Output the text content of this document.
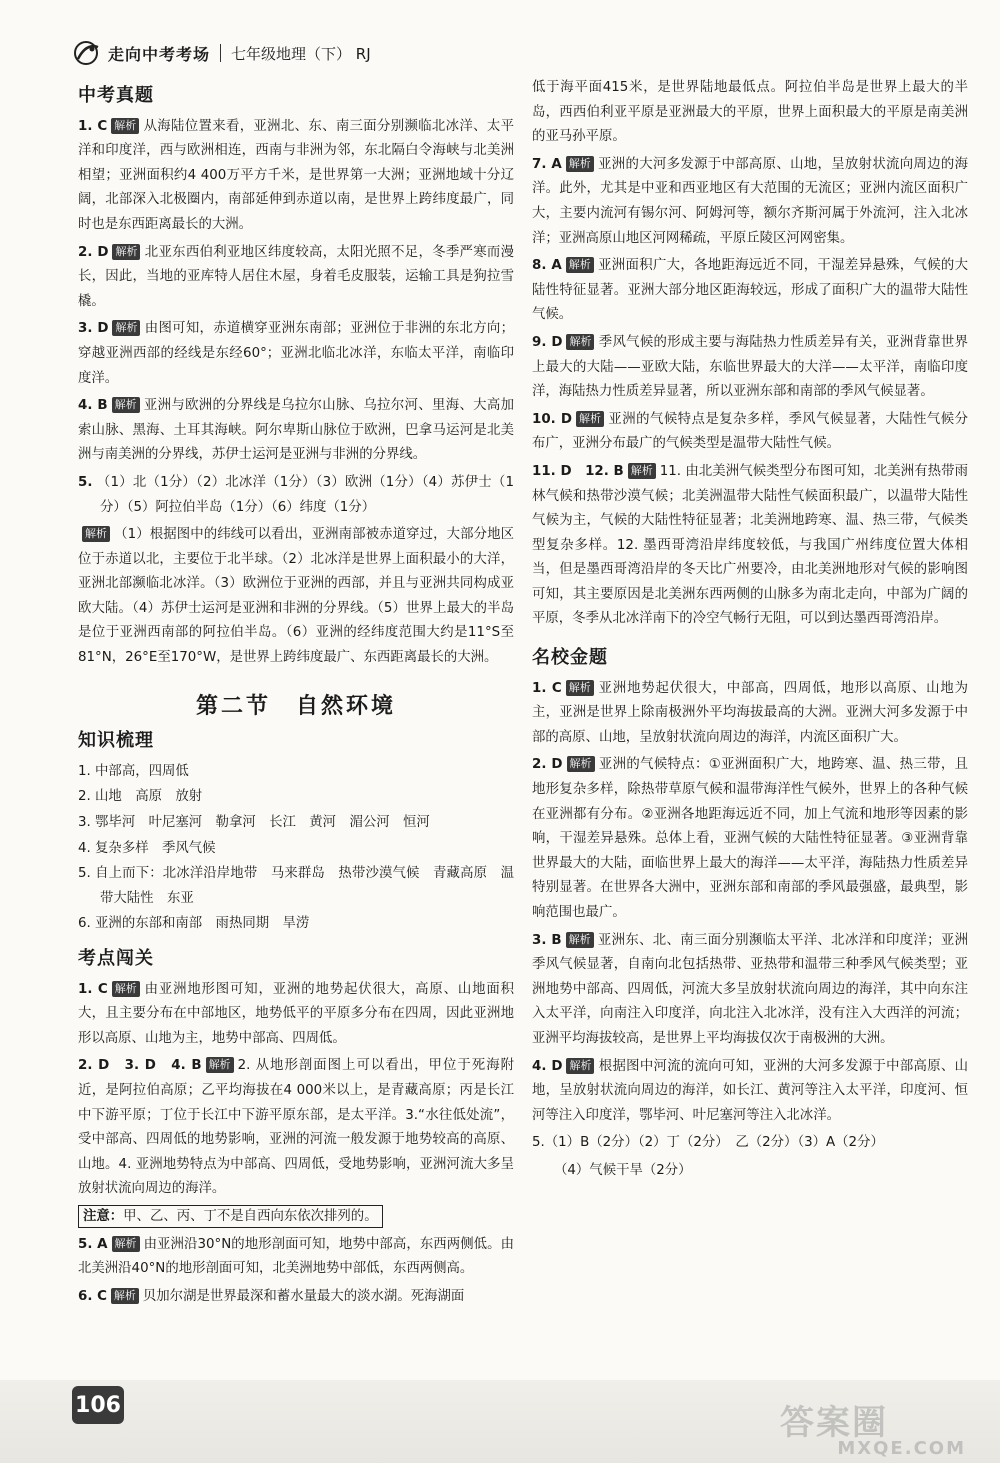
走向中考考场 七年级地理（下） RJ
中考真题
1. C 解析 从海陆位置来看，亚洲北、东、南三面分别濒临北冰洋、太平洋和印度洋，西与欧洲相连，西南与非洲为邻，东北隔白令海峡与北美洲相望；亚洲面积约4 400万平方千米，是世界第一大洲；亚洲地域十分辽阔，北部深入北极圈内，南部延伸到赤道以南，是世界上跨纬度最广，同时也是东西距离最长的大洲。
2. D 解析 北亚东西伯利亚地区纬度较高，太阳光照不足，冬季严寒而漫长，因此，当地的亚库特人居住木屋，身着毛皮服装，运输工具是狗拉雪橇。
3. D 解析 由图可知，赤道横穿亚洲东南部；亚洲位于非洲的东北方向；穿越亚洲西部的经线是东经60°；亚洲北临北冰洋，东临太平洋，南临印度洋。
4. B 解析 亚洲与欧洲的分界线是乌拉尔山脉、乌拉尔河、里海、大高加索山脉、黑海、土耳其海峡。阿尔卑斯山脉位于欧洲，巴拿马运河是北美洲与南美洲的分界线，苏伊士运河是亚洲与非洲的分界线。
5. （1）北（1分）（2）北冰洋（1分）（3）欧洲（1分）（4）苏伊士（1分）（5）阿拉伯半岛（1分）（6）纬度（1分）
解析 （1）根据图中的纬线可以看出，亚洲南部被赤道穿过，大部分地区位于赤道以北，主要位于北半球。（2）北冰洋是世界上面积最小的大洋，亚洲北部濒临北冰洋。（3）欧洲位于亚洲的西部，并且与亚洲共同构成亚欧大陆。（4）苏伊士运河是亚洲和非洲的分界线。（5）世界上最大的半岛是位于亚洲西南部的阿拉伯半岛。（6）亚洲的经纬度范围大约是11°S至81°N，26°E至170°W，是世界上跨纬度最广、东西距离最长的大洲。
第二节　自然环境
知识梳理
1. 中部高，四周低
2. 山地　高原　放射
3. 鄂毕河　叶尼塞河　勒拿河　长江　黄河　湄公河　恒河
4. 复杂多样　季风气候
5. 自上而下：北冰洋沿岸地带　马来群岛　热带沙漠气候　青藏高原　温带大陆性　东亚
6. 亚洲的东部和南部　雨热同期　旱涝
考点闯关
1. C 解析 由亚洲地形图可知，亚洲的地势起伏很大，高原、山地面积大，且主要分布在中部地区，地势低平的平原多分布在四周，因此亚洲地形以高原、山地为主，地势中部高、四周低。
2. D　3. D　4. B 解析 2. 从地形剖面图上可以看出，甲位于死海附近，是阿拉伯高原；乙平均海拔在4 000米以上，是青藏高原；丙是长江中下游平原；丁位于长江中下游平原东部，是太平洋。3.“水往低处流”，受中部高、四周低的地势影响，亚洲的河流一般发源于地势较高的高原、山地。4. 亚洲地势特点为中部高、四周低，受地势影响，亚洲河流大多呈放射状流向周边的海洋。
注意：甲、乙、丙、丁不是自西向东依次排列的。
5. A 解析 由亚洲沿30°N的地形剖面可知，地势中部高，东西两侧低。由北美洲沿40°N的地形剖面可知，北美洲地势中部低，东西两侧高。
6. C 解析 贝加尔湖是世界最深和蓄水量最大的淡水湖。死海湖面
低于海平面415米，是世界陆地最低点。阿拉伯半岛是世界上最大的半岛，西西伯利亚平原是亚洲最大的平原，世界上面积最大的平原是南美洲的亚马孙平原。
7. A 解析 亚洲的大河多发源于中部高原、山地，呈放射状流向周边的海洋。此外，尤其是中亚和西亚地区有大范围的无流区；亚洲内流区面积广大，主要内流河有锡尔河、阿姆河等，额尔齐斯河属于外流河，注入北冰洋；亚洲高原山地区河网稀疏，平原丘陵区河网密集。
8. A 解析 亚洲面积广大，各地距海远近不同，干湿差异悬殊，气候的大陆性特征显著。亚洲大部分地区距海较远，形成了面积广大的温带大陆性气候。
9. D 解析 季风气候的形成主要与海陆热力性质差异有关，亚洲背靠世界上最大的大陆——亚欧大陆，东临世界最大的大洋——太平洋，南临印度洋，海陆热力性质差异显著，所以亚洲东部和南部的季风气候显著。
10. D 解析 亚洲的气候特点是复杂多样，季风气候显著，大陆性气候分布广，亚洲分布最广的气候类型是温带大陆性气候。
11. D　12. B 解析 11. 由北美洲气候类型分布图可知，北美洲有热带雨林气候和热带沙漠气候；北美洲温带大陆性气候面积最广，以温带大陆性气候为主，气候的大陆性特征显著；北美洲地跨寒、温、热三带，气候类型复杂多样。12. 墨西哥湾沿岸纬度较低，与我国广州纬度位置大体相当，但是墨西哥湾沿岸的冬天比广州要冷，由北美洲地形对气候的影响图可知，其主要原因是北美洲东西两侧的山脉多为南北走向，中部为广阔的平原，冬季从北冰洋南下的冷空气畅行无阻，可以到达墨西哥湾沿岸。
名校金题
1. C 解析 亚洲地势起伏很大，中部高，四周低，地形以高原、山地为主，亚洲是世界上除南极洲外平均海拔最高的大洲。亚洲大河多发源于中部的高原、山地，呈放射状流向周边的海洋，内流区面积广大。
2. D 解析 亚洲的气候特点：①亚洲面积广大，地跨寒、温、热三带，且地形复杂多样，除热带草原气候和温带海洋性气候外，世界上的各种气候在亚洲都有分布。②亚洲各地距海远近不同，加上气流和地形等因素的影响，干湿差异悬殊。总体上看，亚洲气候的大陆性特征显著。③亚洲背靠世界最大的大陆，面临世界上最大的海洋——太平洋，海陆热力性质差异特别显著。在世界各大洲中，亚洲东部和南部的季风最强盛，最典型，影响范围也最广。
3. B 解析 亚洲东、北、南三面分别濒临太平洋、北冰洋和印度洋；亚洲季风气候显著，自南向北包括热带、亚热带和温带三种季风气候类型；亚洲地势中部高、四周低，河流大多呈放射状流向周边的海洋，其中向东注入太平洋，向南注入印度洋，向北注入北冰洋，没有注入大西洋的河流；亚洲平均海拔较高，是世界上平均海拔仅次于南极洲的大洲。
4. D 解析 根据图中河流的流向可知，亚洲的大河多发源于中部高原、山地，呈放射状流向周边的海洋，如长江、黄河等注入太平洋，印度河、恒河等注入印度洋，鄂毕河、叶尼塞河等注入北冰洋。
5.（1）B（2分）（2）丁（2分）　乙（2分）（3）A（2分）
（4）气候干旱（2分）
106	答案圈
MXQE.COM
